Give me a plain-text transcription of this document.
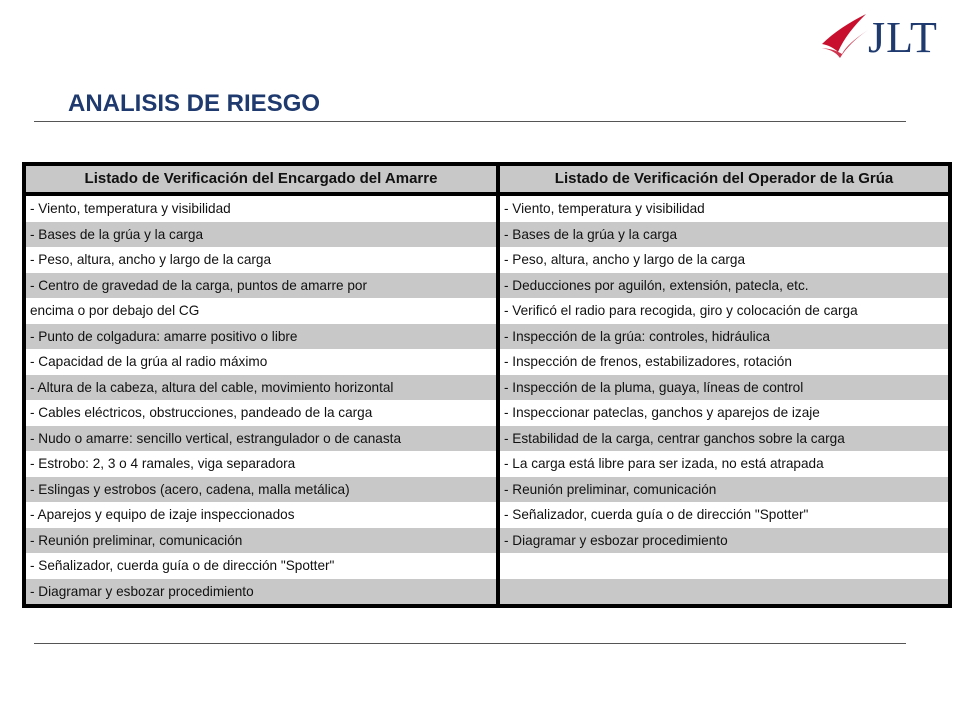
JLT
ANALISIS DE RIESGO
Listado de Verificación del Encargado del Amarre
- Viento, temperatura y visibilidad
- Bases de la grúa y la carga
- Peso, altura, ancho y largo de la carga
- Centro de gravedad de la carga, puntos de amarre por
encima o por debajo del CG
- Punto de colgadura: amarre positivo o libre
- Capacidad de la grúa al radio máximo
- Altura de la cabeza, altura del cable, movimiento horizontal
- Cables eléctricos, obstrucciones, pandeado de la carga
- Nudo o amarre: sencillo vertical, estrangulador o de canasta
- Estrobo: 2, 3 o 4 ramales, viga separadora
- Eslingas y estrobos (acero, cadena, malla metálica)
- Aparejos y equipo de izaje inspeccionados
- Reunión preliminar, comunicación
- Señalizador, cuerda guía o de dirección "Spotter"
- Diagramar y esbozar procedimiento
Listado de Verificación del Operador de la Grúa
- Viento, temperatura y visibilidad
- Bases de la grúa y la carga
- Peso, altura, ancho y largo de la carga
- Deducciones por aguilón, extensión, patecla, etc.
- Verificó el radio para recogida, giro y colocación de carga
- Inspección de la grúa: controles, hidráulica
- Inspección de frenos, estabilizadores, rotación
- Inspección de la pluma, guaya, líneas de control
- Inspeccionar pateclas, ganchos y aparejos de izaje
- Estabilidad de la carga, centrar ganchos sobre la carga
- La carga está libre para ser izada, no está atrapada
- Reunión preliminar, comunicación
- Señalizador, cuerda guía o de dirección "Spotter"
- Diagramar y esbozar procedimiento
